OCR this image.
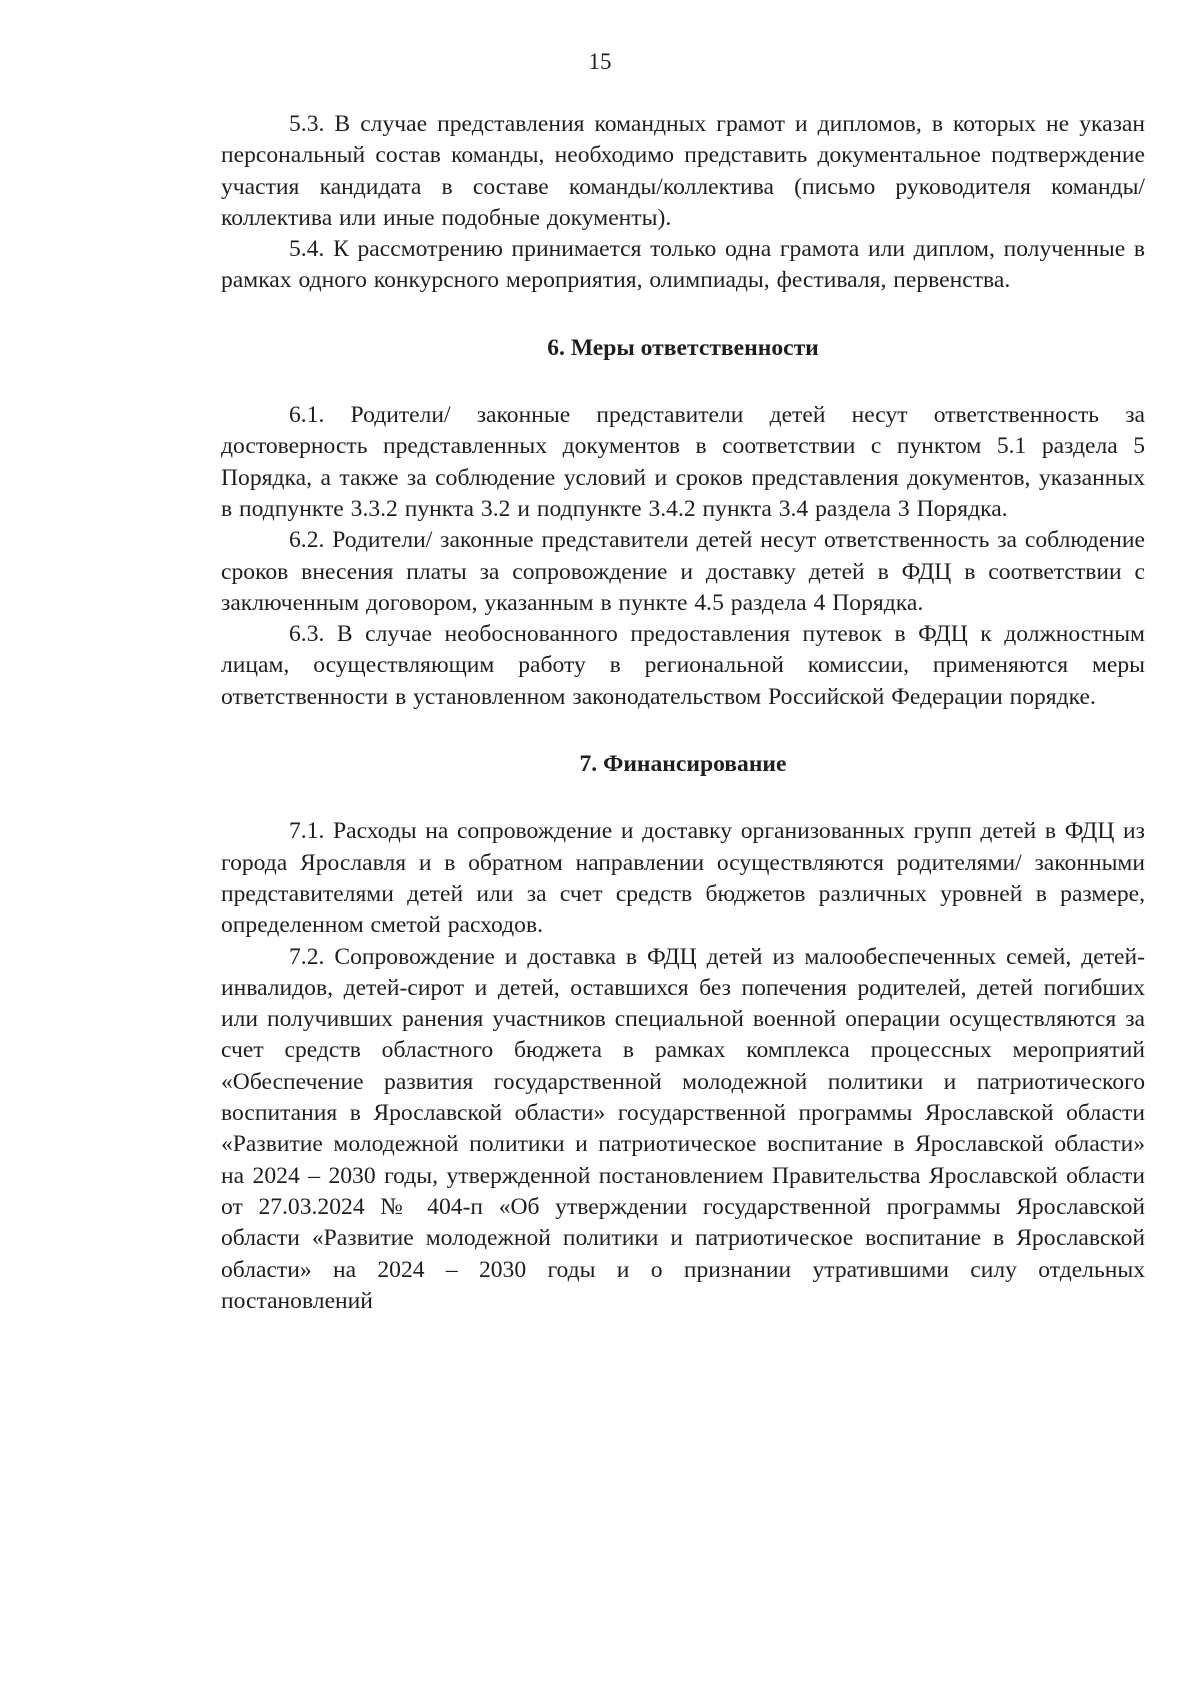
15

5.3. В случае представления командных грамот и дипломов, в которых не указан персональный состав команды, необходимо представить документальное подтверждение участия кандидата в составе команды/коллектива (письмо руководителя команды/коллектива или иные подобные документы).

5.4. К рассмотрению принимается только одна грамота или диплом, полученные в рамках одного конкурсного мероприятия, олимпиады, фестиваля, первенства.

6. Меры ответственности

6.1. Родители/ законные представители детей несут ответственность за достоверность представленных документов в соответствии с пунктом 5.1 раздела 5 Порядка, а также за соблюдение условий и сроков представления документов, указанных в подпункте 3.3.2 пункта 3.2 и подпункте 3.4.2 пункта 3.4 раздела 3 Порядка.

6.2. Родители/ законные представители детей несут ответственность за соблюдение сроков внесения платы за сопровождение и доставку детей в ФДЦ в соответствии с заключенным договором, указанным в пункте 4.5 раздела 4 Порядка.

6.3. В случае необоснованного предоставления путевок в ФДЦ к должностным лицам, осуществляющим работу в региональной комиссии, применяются меры ответственности в установленном законодательством Российской Федерации порядке.

7. Финансирование

7.1. Расходы на сопровождение и доставку организованных групп детей в ФДЦ из города Ярославля и в обратном направлении осуществляются родителями/ законными представителями детей или за счет средств бюджетов различных уровней в размере, определенном сметой расходов.

7.2. Сопровождение и доставка в ФДЦ детей из малообеспеченных семей, детей-инвалидов, детей-сирот и детей, оставшихся без попечения родителей, детей погибших или получивших ранения участников специальной военной операции осуществляются за счет средств областного бюджета в рамках комплекса процессных мероприятий «Обеспечение развития государственной молодежной политики и патриотического воспитания в Ярославской области» государственной программы Ярославской области «Развитие молодежной политики и патриотическое воспитание в Ярославской области» на 2024 – 2030 годы, утвержденной постановлением Правительства Ярославской области от 27.03.2024 № 404-п «Об утверждении государственной программы Ярославской области «Развитие молодежной политики и патриотическое воспитание в Ярославской области» на 2024 – 2030 годы и о признании утратившими силу отдельных постановлений
